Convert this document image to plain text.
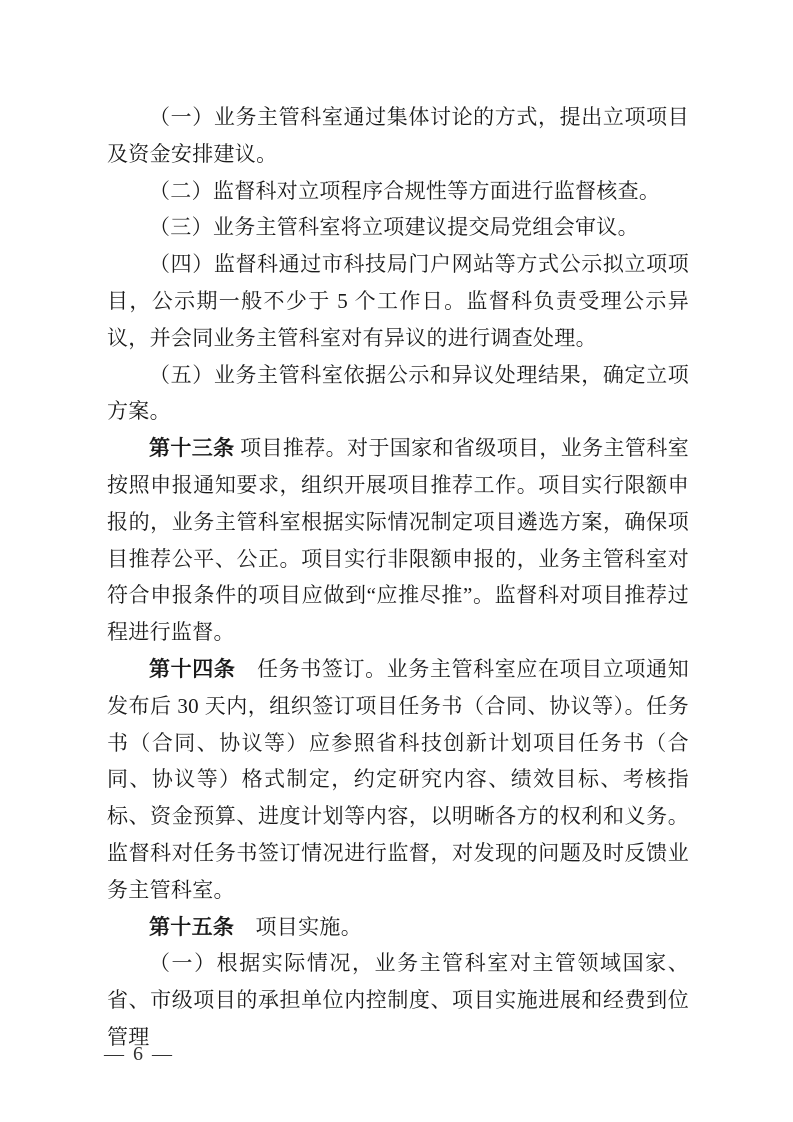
（一）业务主管科室通过集体讨论的方式，提出立项项目及资金安排建议。

（二）监督科对立项程序合规性等方面进行监督核查。

（三）业务主管科室将立项建议提交局党组会审议。

（四）监督科通过市科技局门户网站等方式公示拟立项项目，公示期一般不少于 5 个工作日。监督科负责受理公示异议，并会同业务主管科室对有异议的进行调查处理。

（五）业务主管科室依据公示和异议处理结果，确定立项方案。

第十三条 项目推荐。对于国家和省级项目，业务主管科室按照申报通知要求，组织开展项目推荐工作。项目实行限额申报的，业务主管科室根据实际情况制定项目遴选方案，确保项目推荐公平、公正。项目实行非限额申报的，业务主管科室对符合申报条件的项目应做到“应推尽推”。监督科对项目推荐过程进行监督。

第十四条　任务书签订。业务主管科室应在项目立项通知发布后 30 天内，组织签订项目任务书（合同、协议等）。任务书（合同、协议等）应参照省科技创新计划项目任务书（合同、协议等）格式制定，约定研究内容、绩效目标、考核指标、资金预算、进度计划等内容，以明晰各方的权利和义务。监督科对任务书签订情况进行监督，对发现的问题及时反馈业务主管科室。

第十五条　项目实施。

（一）根据实际情况，业务主管科室对主管领域国家、省、市级项目的承担单位内控制度、项目实施进展和经费到位管理

— 6 —
